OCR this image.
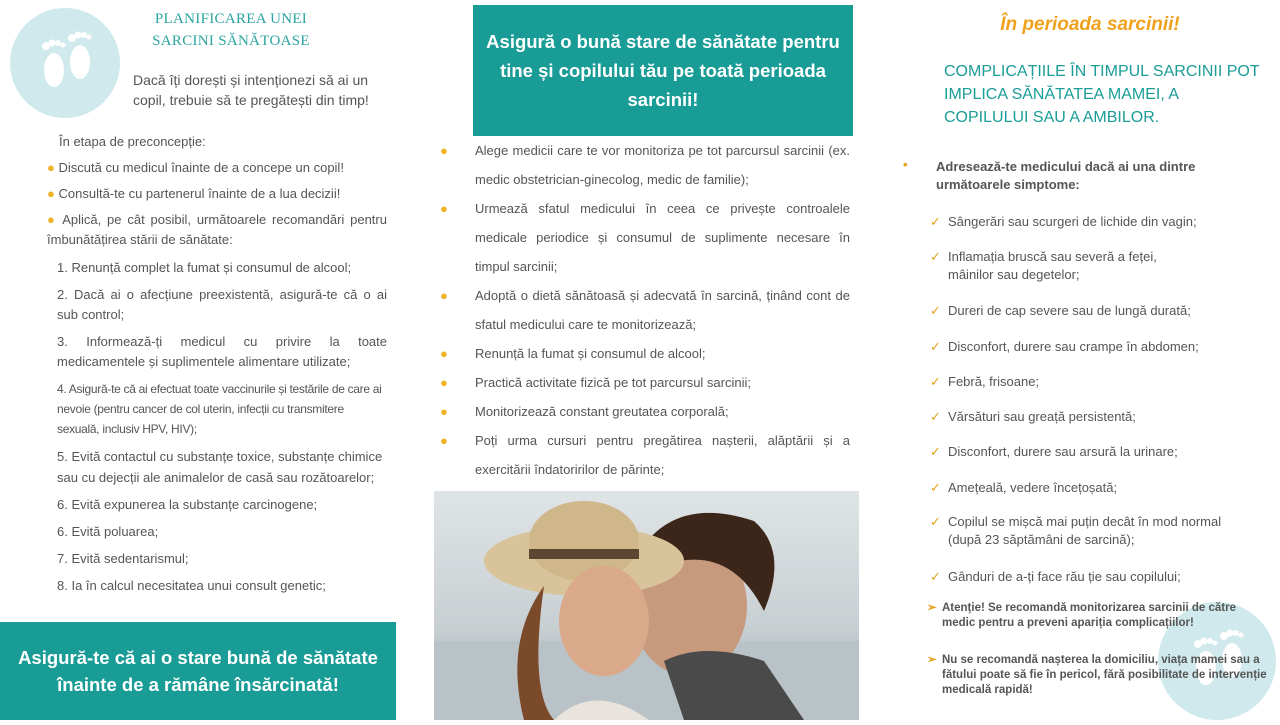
PLANIFICAREA UNEI
SARCINI SĂNĂTOASE
Dacă îți dorești și intenționezi să ai un copil, trebuie să te pregătești din timp!

În etapa de preconcepție:

● Discută cu medicul înainte de a concepe un copil!

● Consultă-te cu partenerul înainte de a lua decizii!

● Aplică, pe cât posibil, următoarele recomandări pentru îmbunătățirea stării de sănătate:

1. Renunță complet la fumat și consumul de alcool;

2. Dacă ai o afecțiune preexistentă, asigură-te că o ai sub control;

3. Informează-ți medicul cu privire la toate medicamentele și suplimentele alimentare utilizate;

4. Asigură-te că ai efectuat toate vaccinurile și testările de care ai nevoie (pentru cancer de col uterin, infecții cu transmitere sexuală, inclusiv HPV, HIV);

5. Evită contactul cu substanțe toxice, substanțe chimice sau cu dejecții ale animalelor de casă sau rozătoarelor;

6. Evită expunerea la substanțe carcinogene;

6. Evită poluarea;

7. Evită sedentarismul;

8. Ia în calcul necesitatea unui consult genetic;

Asigură-te că ai o stare bună de sănătate înainte de a rămâne însărcinată!
Asigură o bună stare de sănătate pentru tine și copilului tău pe toată perioada sarcinii!
● Alege medicii care te vor monitoriza pe tot parcursul sarcinii (ex. medic obstetrician-ginecolog, medic de familie);
● Urmează sfatul medicului în ceea ce privește controalele medicale periodice și consumul de suplimente necesare în timpul sarcinii;
● Adoptă o dietă sănătoasă și adecvată în sarcină, ținând cont de sfatul medicului care te monitorizează;
● Renunță la fumat și consumul de alcool;
● Practică activitate fizică pe tot parcursul sarcinii;
● Monitorizează constant greutatea corporală;
● Poți urma cursuri pentru pregătirea nașterii, alăptării și a exercitării îndatoririlor de părinte;
În perioada sarcinii!
COMPLICAȚIILE ÎN TIMPUL SARCINII POT IMPLICA SĂNĂTATEA MAMEI, A COPILULUI SAU A AMBILOR.
• Adresează-te medicului dacă ai una dintre următoarele simptome:
✓ Sângerări sau scurgeri de lichide din vagin;
✓ Inflamația bruscă sau severă a feței, mâinilor sau degetelor;
✓ Dureri de cap severe sau de lungă durată;
✓ Disconfort, durere sau crampe în abdomen;
✓ Febră, frisoane;
✓ Vărsături sau greață persistentă;
✓ Disconfort, durere sau arsură la urinare;
✓ Amețeală, vedere încețoșată;
✓ Copilul se mișcă mai puțin decât în mod normal (după 23 săptămâni de sarcină);
✓ Gânduri de a-ți face rău ție sau copilului;
➢ Atenție! Se recomandă monitorizarea sarcinii de către medic pentru a preveni apariția complicațiilor!
➢ Nu se recomandă nașterea la domiciliu, viața mamei sau a fătului poate să fie în pericol, fără posibilitate de intervenție medicală rapidă!
